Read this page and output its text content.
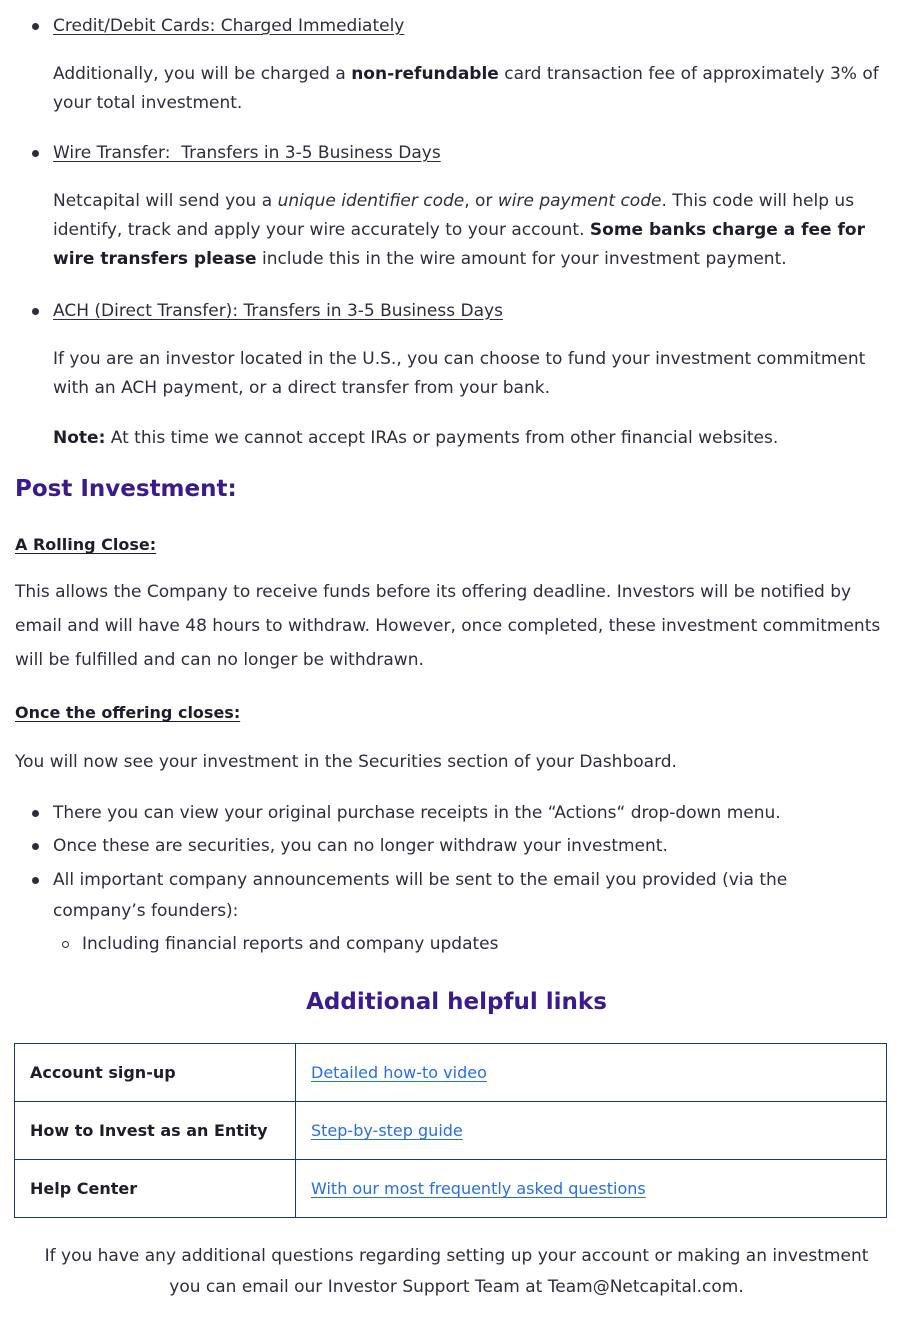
Credit/Debit Cards: Charged Immediately

Additionally, you will be charged a non-refundable card transaction fee of approximately 3% of your total investment.

Wire Transfer:  Transfers in 3-5 Business Days

Netcapital will send you a unique identifier code, or wire payment code. This code will help us identify, track and apply your wire accurately to your account. Some banks charge a fee for wire transfers please include this in the wire amount for your investment payment.

ACH (Direct Transfer): Transfers in 3-5 Business Days

If you are an investor located in the U.S., you can choose to fund your investment commitment with an ACH payment, or a direct transfer from your bank.

Note: At this time we cannot accept IRAs or payments from other financial websites.

Post Investment:
A Rolling Close:

This allows the Company to receive funds before its offering deadline. Investors will be notified by email and will have 48 hours to withdraw. However, once completed, these investment commitments will be fulfilled and can no longer be withdrawn.

Once the offering closes:

You will now see your investment in the Securities section of your Dashboard.

There you can view your original purchase receipts in the “Actions“ drop-down menu.
Once these are securities, you can no longer withdraw your investment.
All important company announcements will be sent to the email you provided (via the
company’s founders):
Including financial reports and company updates
Additional helpful links
Account sign-up	Detailed how-to video
How to Invest as an Entity	Step-by-step guide
Help Center	With our most frequently asked questions

If you have any additional questions regarding setting up your account or making an investment you can email our Investor Support Team at Team@Netcapital.com.
